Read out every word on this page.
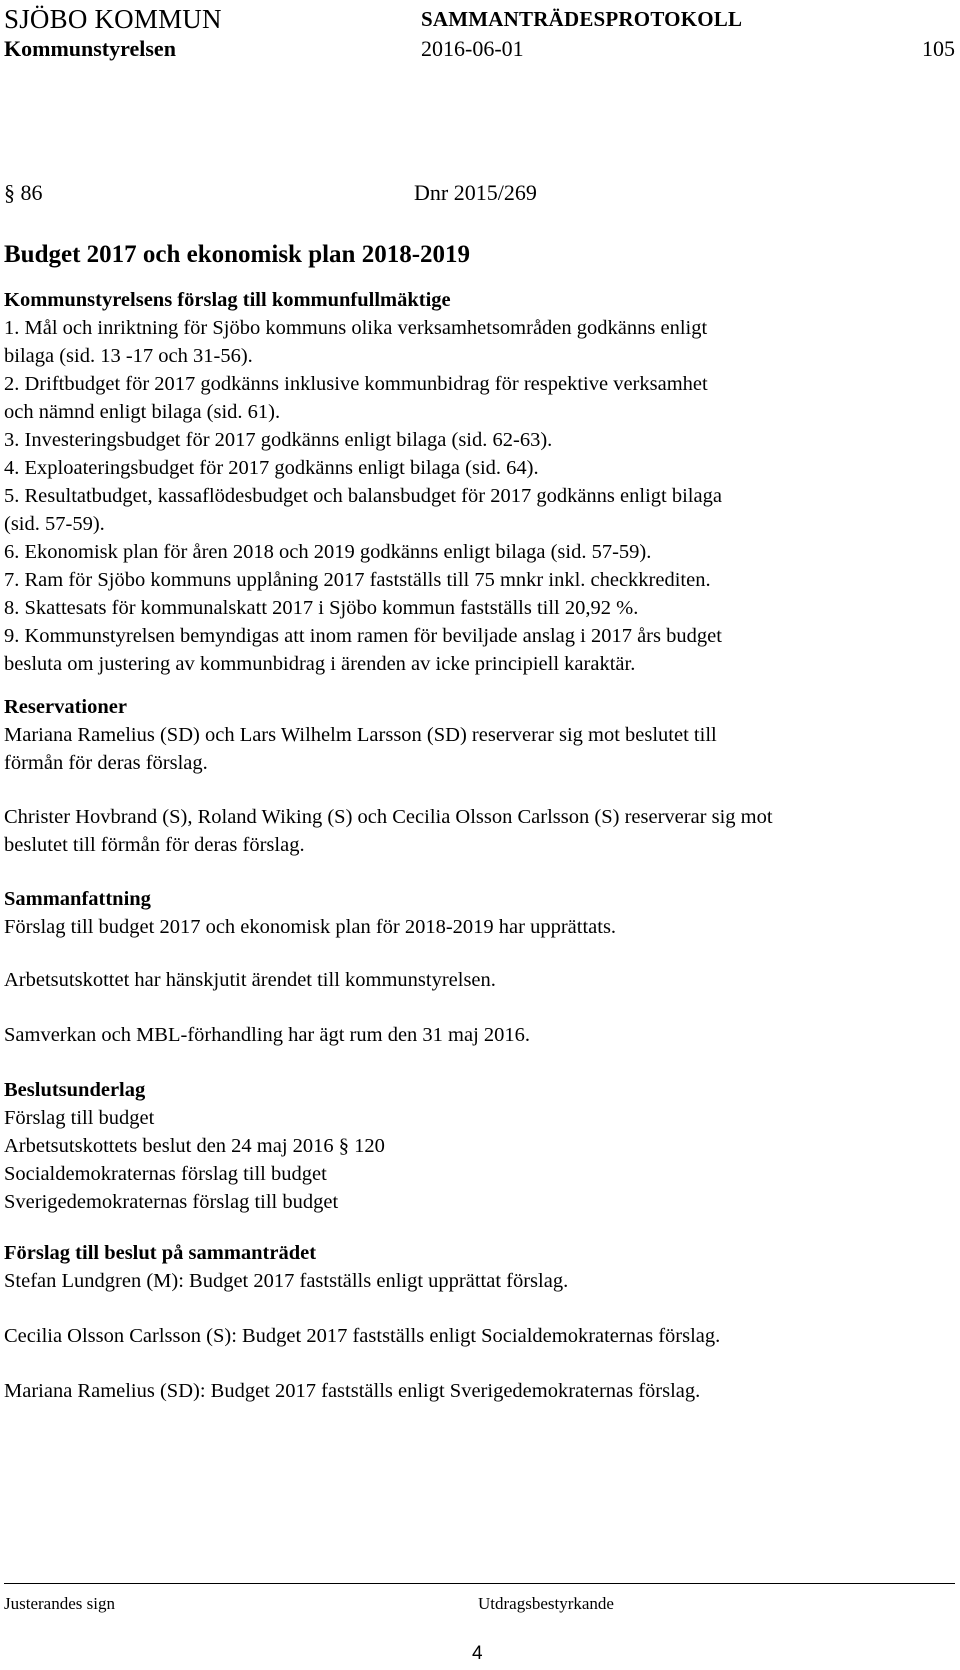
SJÖBO KOMMUN	SAMMANTRÄDESPROTOKOLL
Kommunstyrelsen	2016-06-01	105
§ 86	Dnr 2015/269
Budget 2017 och ekonomisk plan 2018-2019
Kommunstyrelsens förslag till kommunfullmäktige
1. Mål och inriktning för Sjöbo kommuns olika verksamhetsområden godkänns enligt
bilaga (sid. 13 -17 och 31-56).
2. Driftbudget för 2017 godkänns inklusive kommunbidrag för respektive verksamhet
och nämnd enligt bilaga (sid. 61).
3. Investeringsbudget för 2017 godkänns enligt bilaga (sid. 62-63).
4. Exploateringsbudget för 2017 godkänns enligt bilaga (sid. 64).
5. Resultatbudget, kassaflödesbudget och balansbudget för 2017 godkänns enligt bilaga
(sid. 57-59).
6. Ekonomisk plan för åren 2018 och 2019 godkänns enligt bilaga (sid. 57-59).
7. Ram för Sjöbo kommuns upplåning 2017 fastställs till 75 mnkr inkl. checkkrediten.
8. Skattesats för kommunalskatt 2017 i Sjöbo kommun fastställs till 20,92 %.
9. Kommunstyrelsen bemyndigas att inom ramen för beviljade anslag i 2017 års budget
besluta om justering av kommunbidrag i ärenden av icke principiell karaktär.
Reservationer
Mariana Ramelius (SD) och Lars Wilhelm Larsson (SD) reserverar sig mot beslutet till
förmån för deras förslag.
Christer Hovbrand (S), Roland Wiking (S) och Cecilia Olsson Carlsson (S) reserverar sig mot
beslutet till förmån för deras förslag.
Sammanfattning
Förslag till budget 2017 och ekonomisk plan för 2018-2019 har upprättats.
Arbetsutskottet har hänskjutit ärendet till kommunstyrelsen.
Samverkan och MBL-förhandling har ägt rum den 31 maj 2016.
Beslutsunderlag
Förslag till budget
Arbetsutskottets beslut den 24 maj 2016 § 120
Socialdemokraternas förslag till budget
Sverigedemokraternas förslag till budget
Förslag till beslut på sammanträdet
Stefan Lundgren (M): Budget 2017 fastställs enligt upprättat förslag.
Cecilia Olsson Carlsson (S): Budget 2017 fastställs enligt Socialdemokraternas förslag.
Mariana Ramelius (SD): Budget 2017 fastställs enligt Sverigedemokraternas förslag.
Justerandes sign	Utdragsbestyrkande
4
